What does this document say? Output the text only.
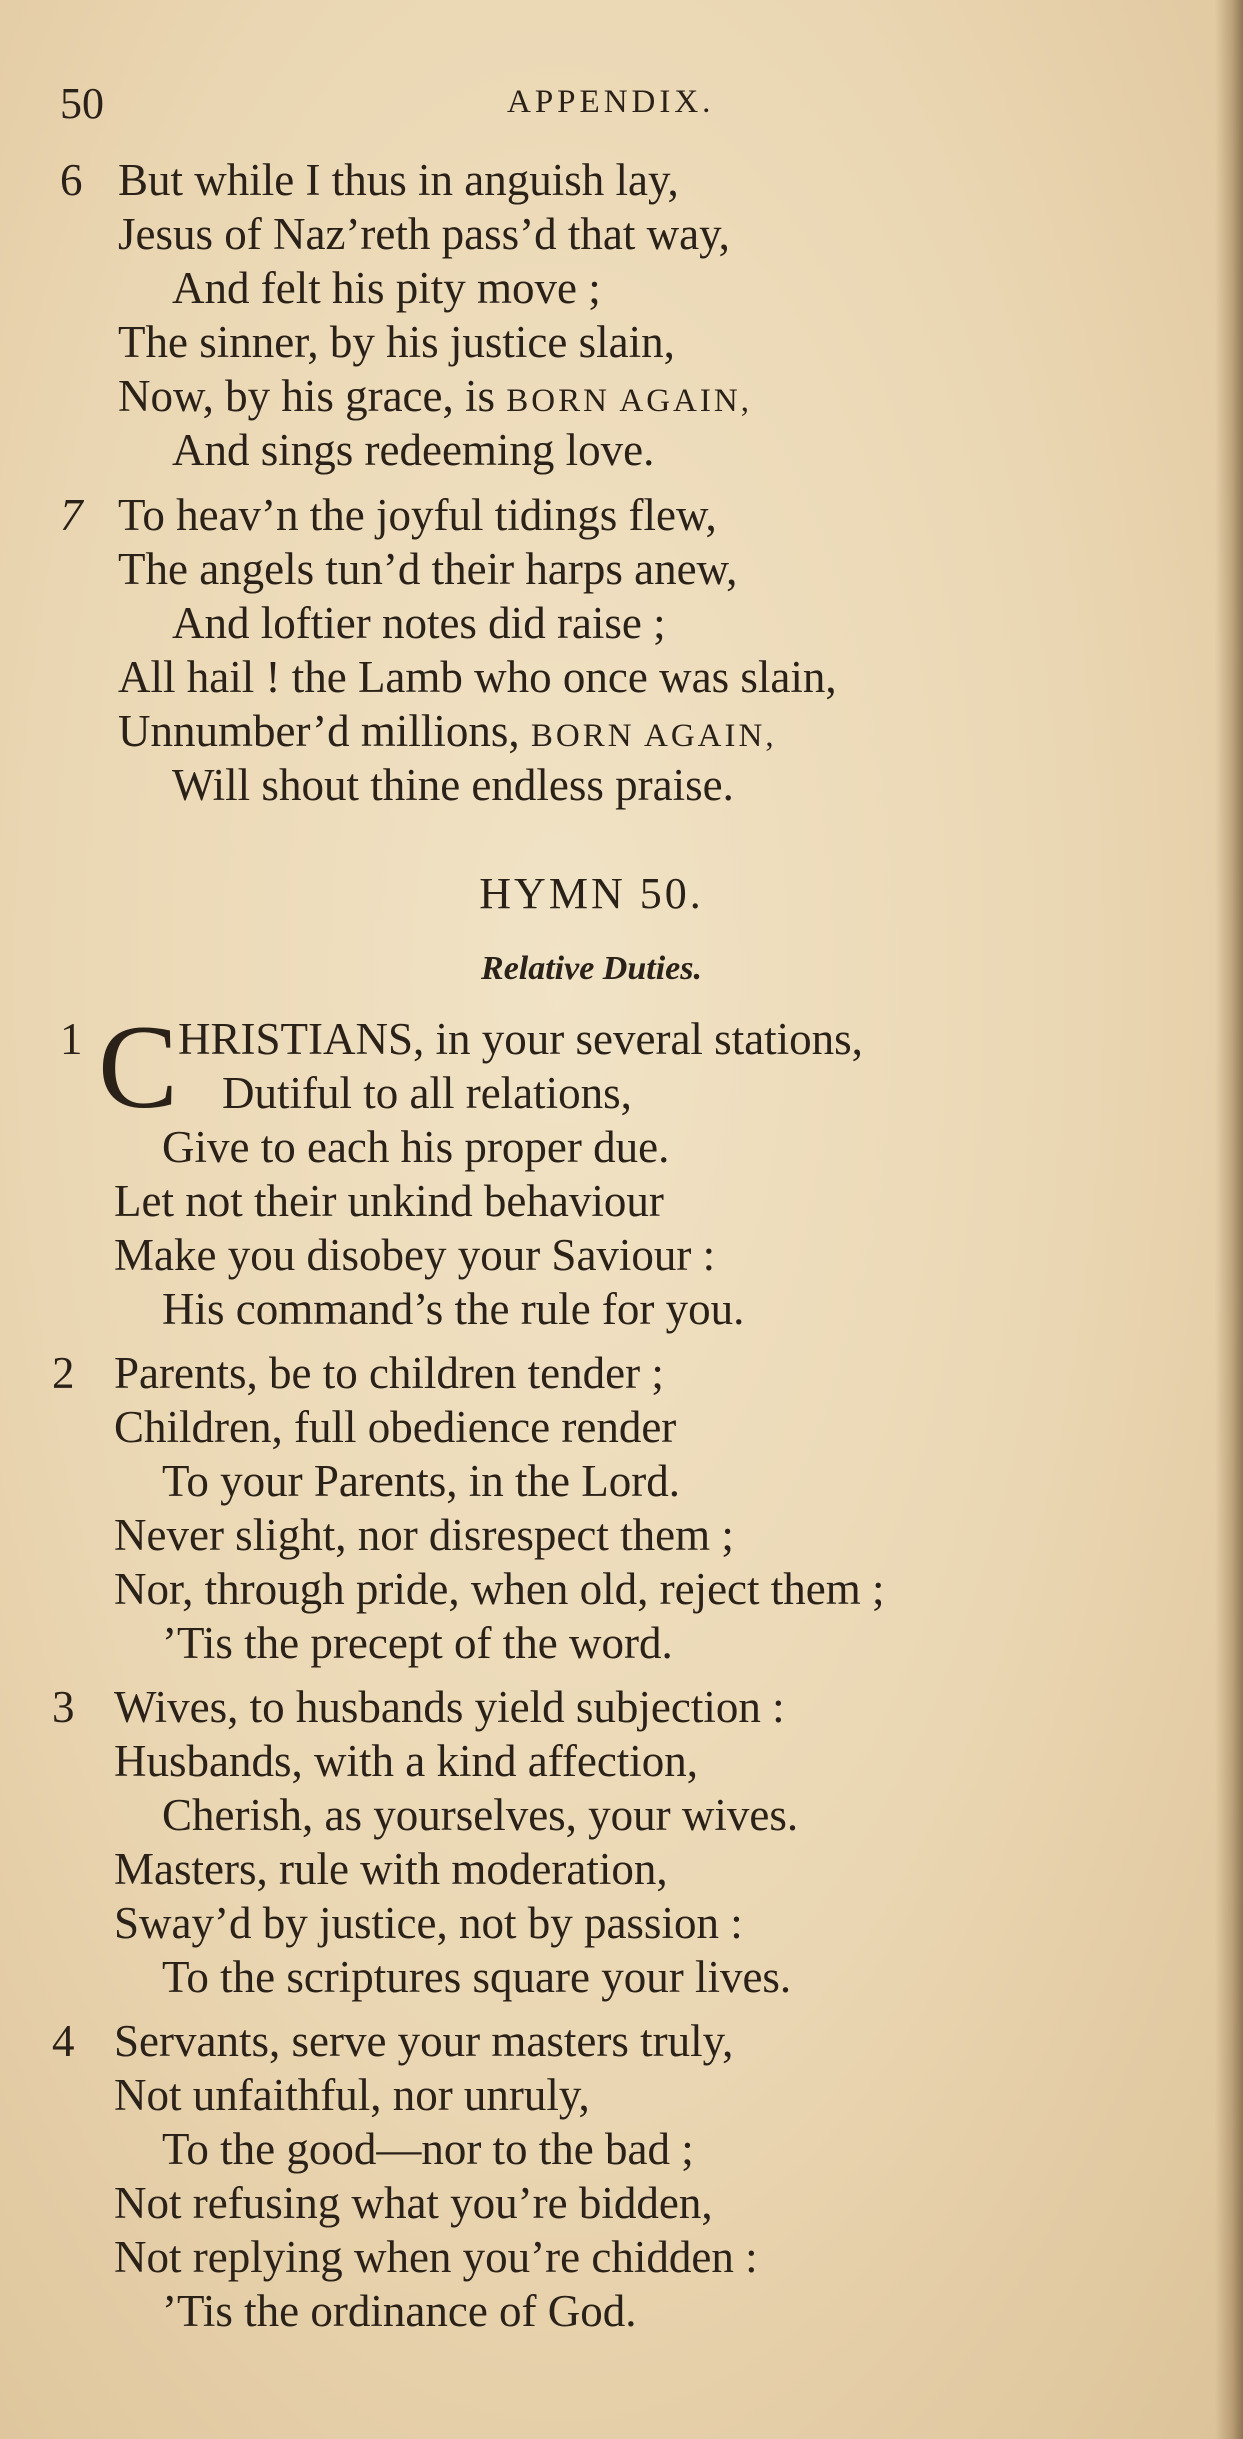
50	APPENDIX.
6 But while I thus in anguish lay,
Jesus of Naz’reth pass’d that way,
And felt his pity move ;
The sinner, by his justice slain,
Now, by his grace, is BORN AGAIN,
And sings redeeming love.
7 To heav’n the joyful tidings flew,
The angels tun’d their harps anew,
And loftier notes did raise ;
All hail ! the Lamb who once was slain,
Unnumber’d millions, BORN AGAIN,
Will shout thine endless praise.
HYMN 50.
Relative Duties.
1 C HRISTIANS, in your several stations,
Dutiful to all relations,
Give to each his proper due.
Let not their unkind behaviour
Make you disobey your Saviour :
His command’s the rule for you.
2 Parents, be to children tender ;
Children, full obedience render
To your Parents, in the Lord.
Never slight, nor disrespect them ;
Nor, through pride, when old, reject them ;
’Tis the precept of the word.
3 Wives, to husbands yield subjection :
Husbands, with a kind affection,
Cherish, as yourselves, your wives.
Masters, rule with moderation,
Sway’d by justice, not by passion :
To the scriptures square your lives.
4 Servants, serve your masters truly,
Not unfaithful, nor unruly,
To the good—nor to the bad ;
Not refusing what you’re bidden,
Not replying when you’re chidden :
’Tis the ordinance of God.
